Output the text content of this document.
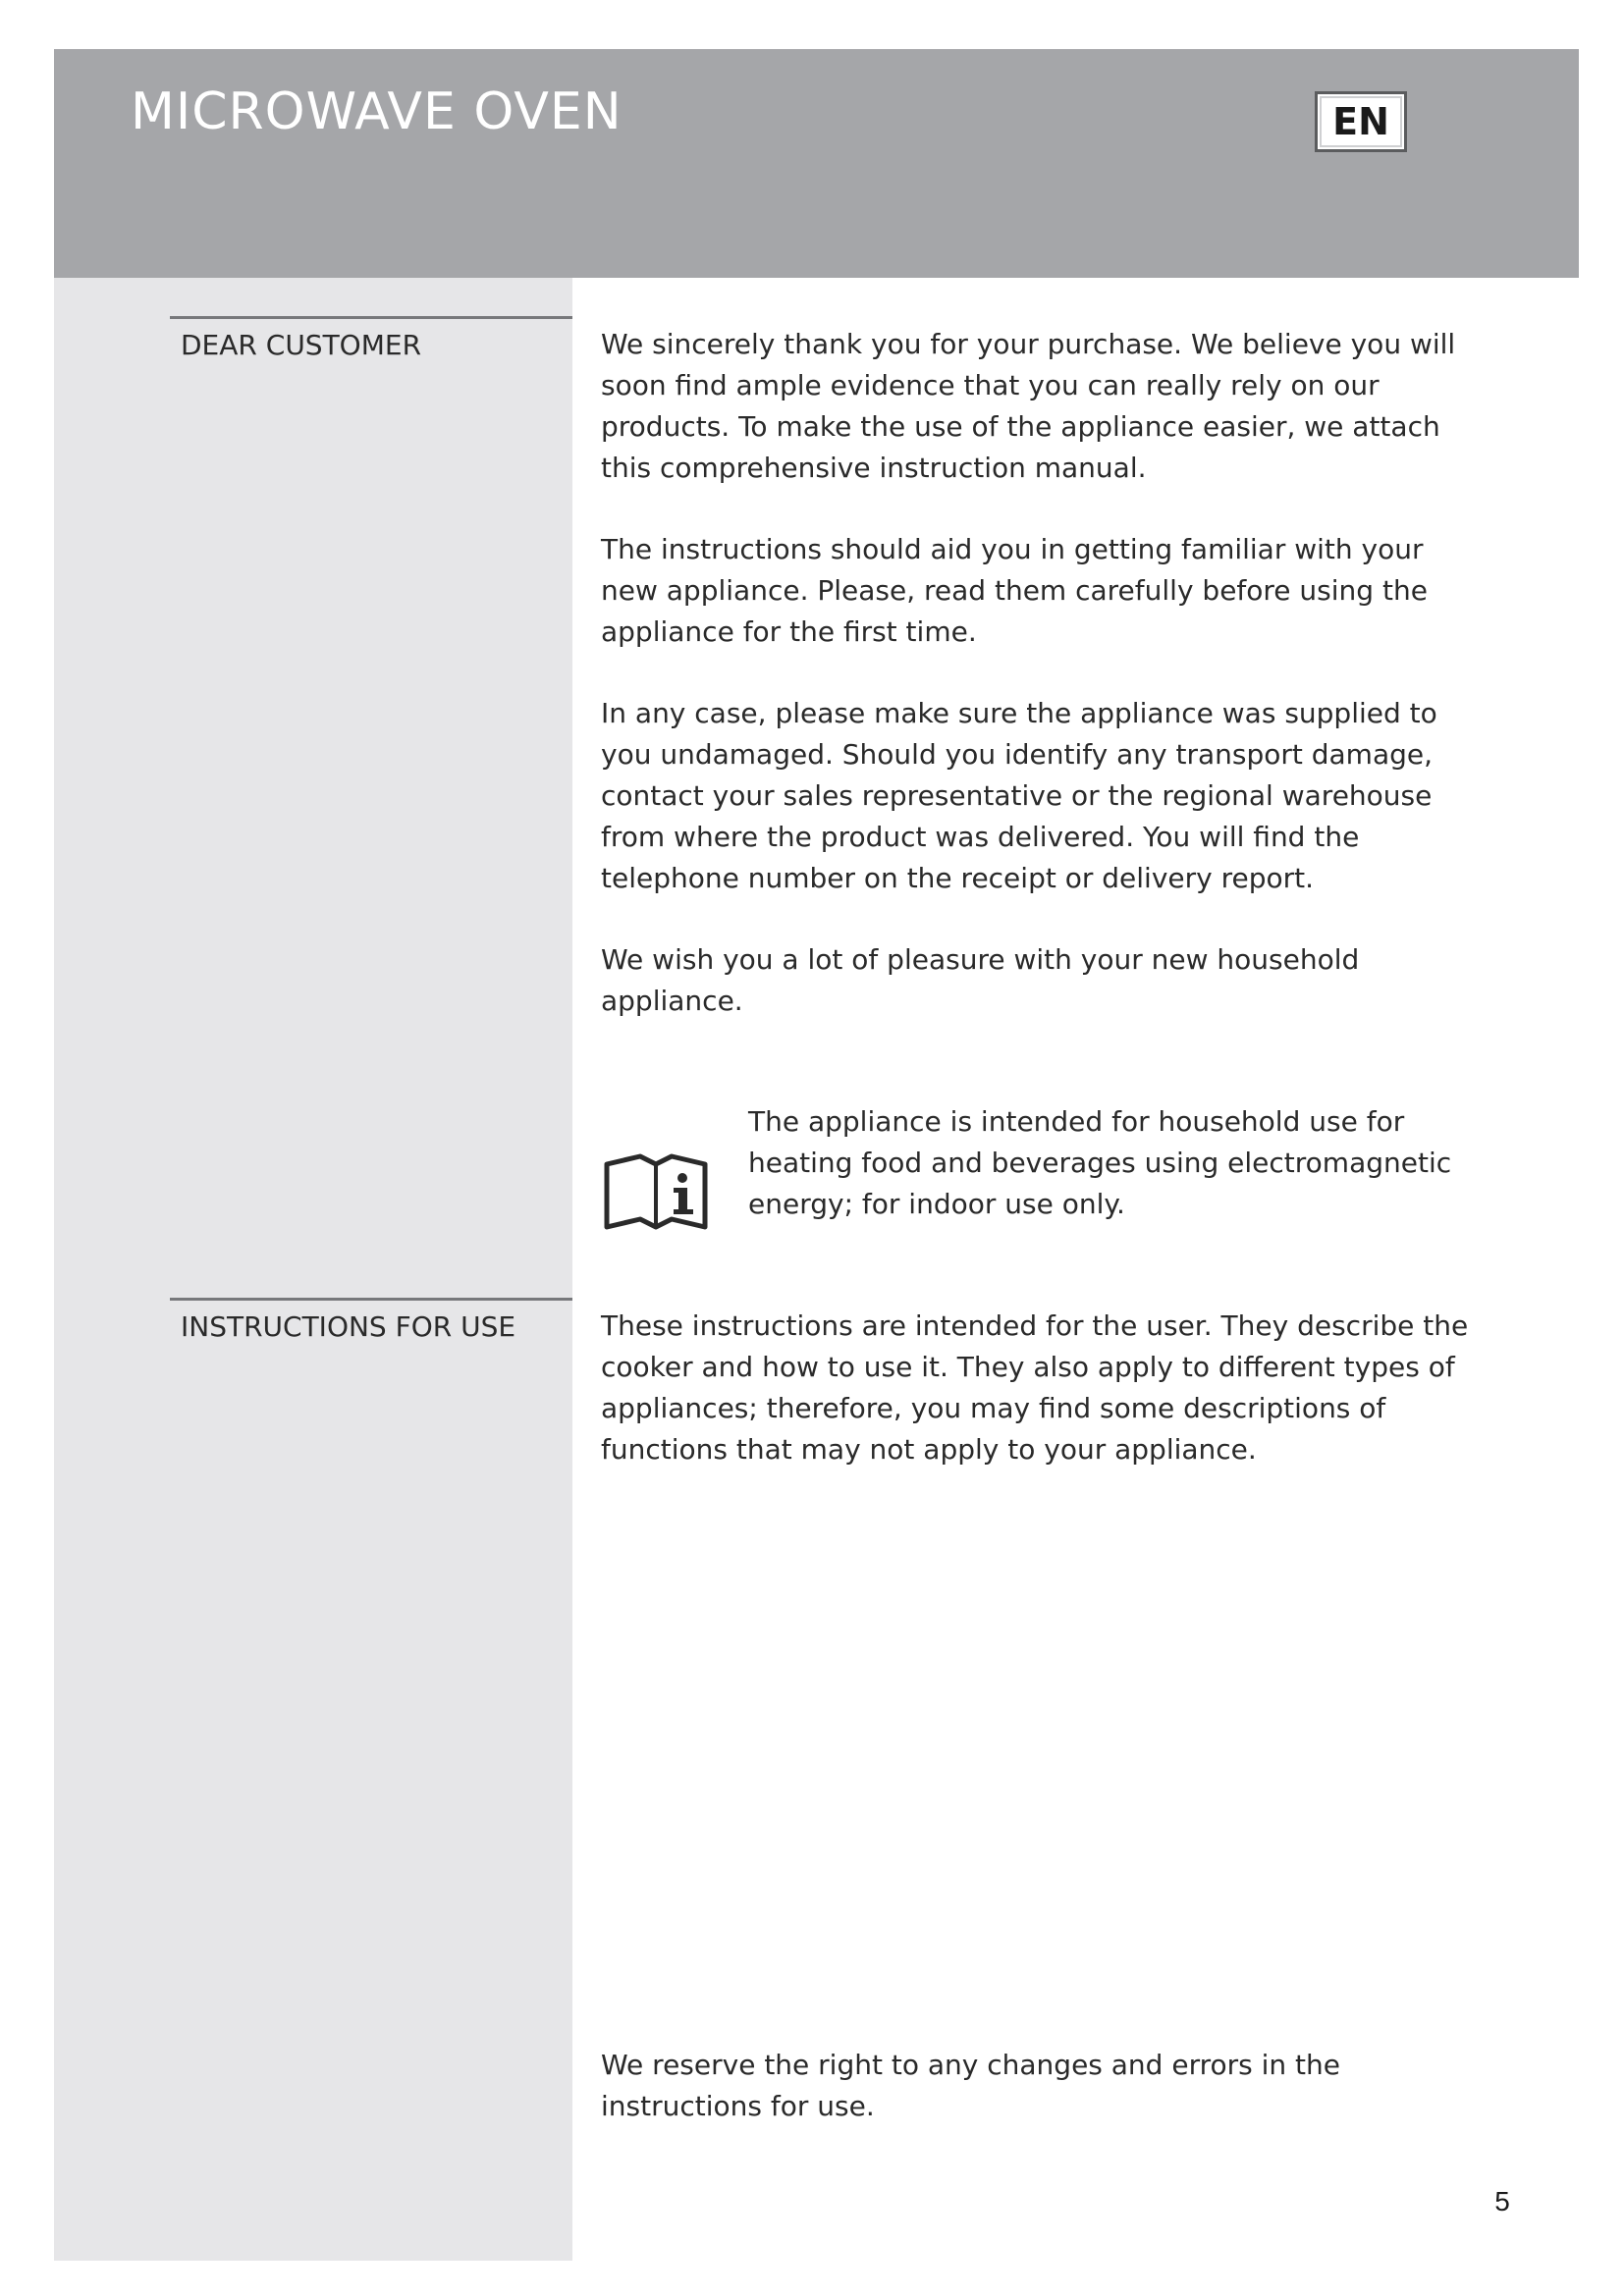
MICROWAVE OVEN	EN
DEAR CUSTOMER	We sincerely thank you for your purchase. We believe you will soon find ample evidence that you can really rely on our products. To make the use of the appliance easier, we attach this comprehensive instruction manual.

The instructions should aid you in getting familiar with your new appliance. Please, read them carefully before using the appliance for the first time.

In any case, please make sure the appliance was supplied to you undamaged. Should you identify any transport damage, contact your sales representative or the regional warehouse from where the product was delivered. You will find the telephone number on the receipt or delivery report.

We wish you a lot of pleasure with your new household appliance.

The appliance is intended for household use for heating food and beverages using electromagnetic energy; for indoor use only.
INSTRUCTIONS FOR USE	These instructions are intended for the user. They describe the cooker and how to use it. They also apply to different types of appliances; therefore, you may find some descriptions of functions that may not apply to your appliance.

We reserve the right to any changes and errors in the instructions for use.
5
